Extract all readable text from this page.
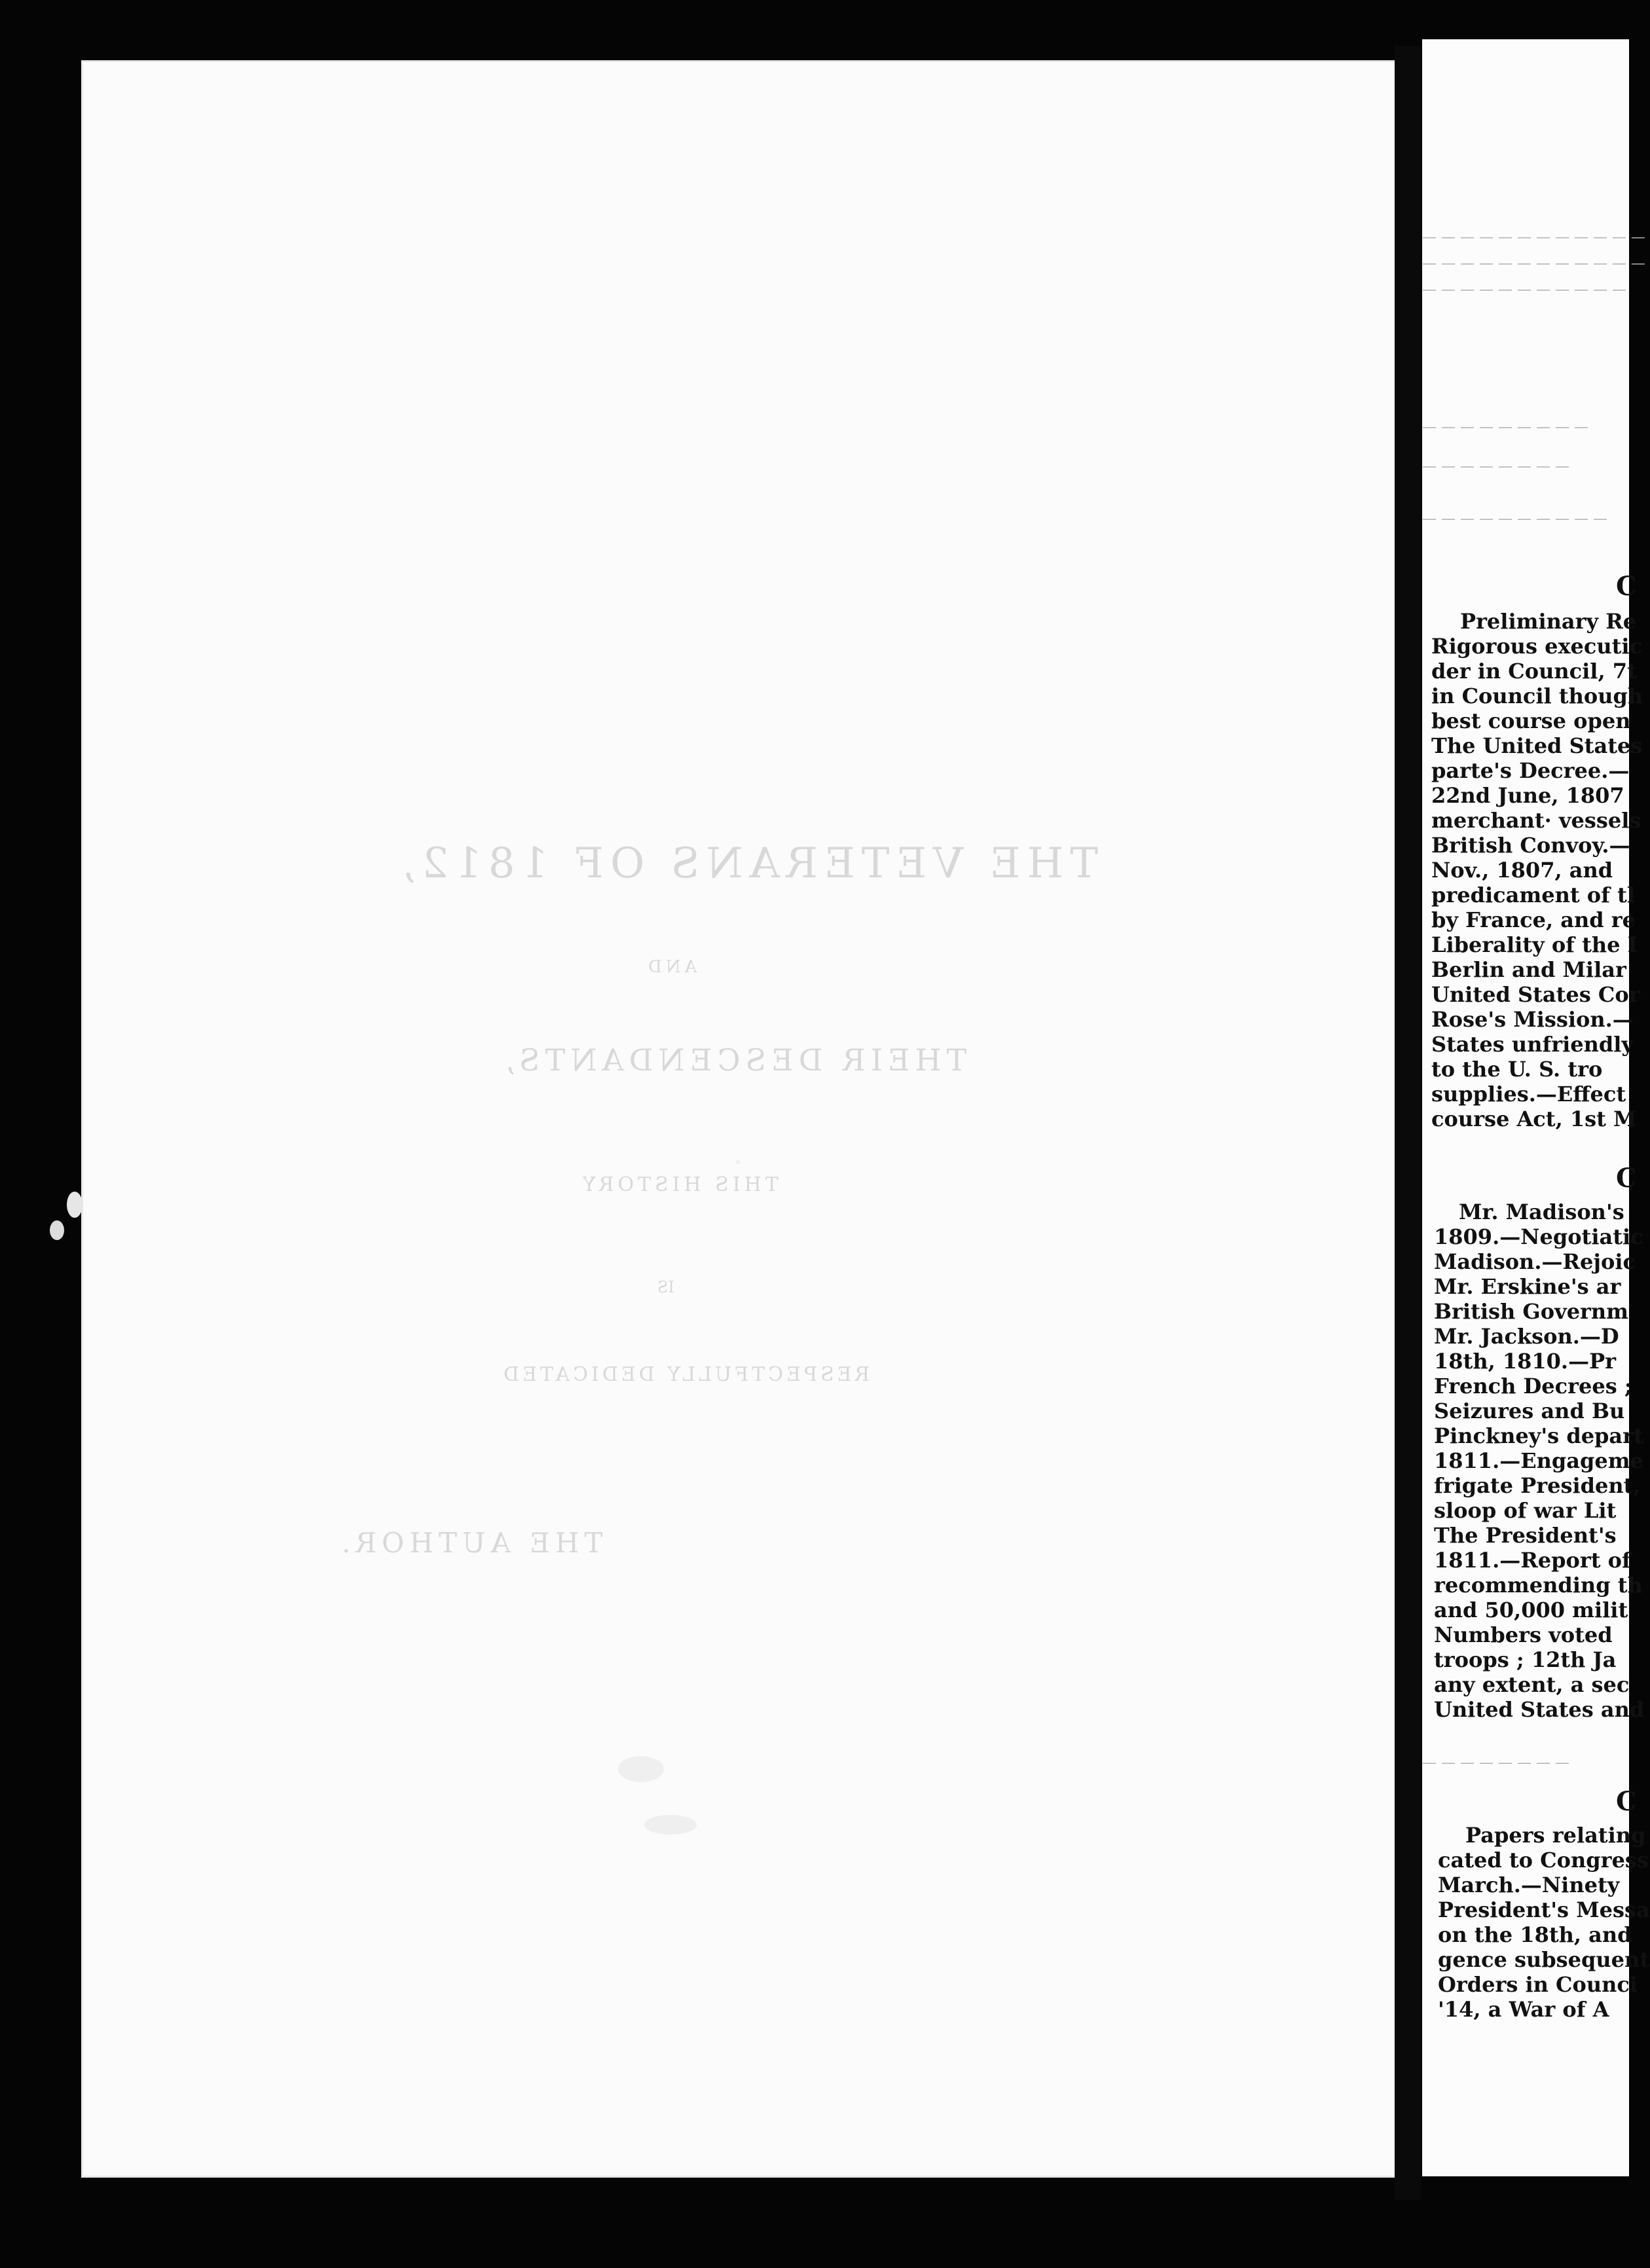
THE VETERANS OF 1812,
AND
THEIR DESCENDANTS,
THIS HISTORY
IS
RESPECTFULLY DEDICATED
THE AUTHOR.
— — — — — — — — — — — —
— — — — — — — — — — — —
— — — — — — — — — — —
— — — — — — — — —
— — — — — — — —
— — — — — — — — — —
C
Preliminary Re
Rigorous executic
der in Council, 7t
in Council though
best course open
The United States
parte's Decree.—
22nd June, 1807
merchant· vessels
British Convoy.—
Nov., 1807, and
predicament of tl
by France, and re
Liberality of the I
Berlin and Milar
United States Cor
Rose's Mission.—
States unfriendly
to the U. S. tro
supplies.—Effect
course Act, 1st M
C
Mr. Madison's
1809.—Negotiatic
Madison.—Rejoic
Mr. Erskine's ar
British Governm
Mr. Jackson.—D
18th, 1810.—Pr
French Decrees ;
Seizures and Bu
Pinckney's depart
1811.—Engageme
frigate President,
sloop of war Lit
The President's
1811.—Report of
recommending th
and 50,000 milit
Numbers voted
troops ; 12th Ja
any extent, a sec
United States and
— — — — — — — —
C
Papers relating
cated to Congress
March.—Ninety
President's Messa
on the 18th, and
gence subsequent
Orders in Counci
'14, a War of A
